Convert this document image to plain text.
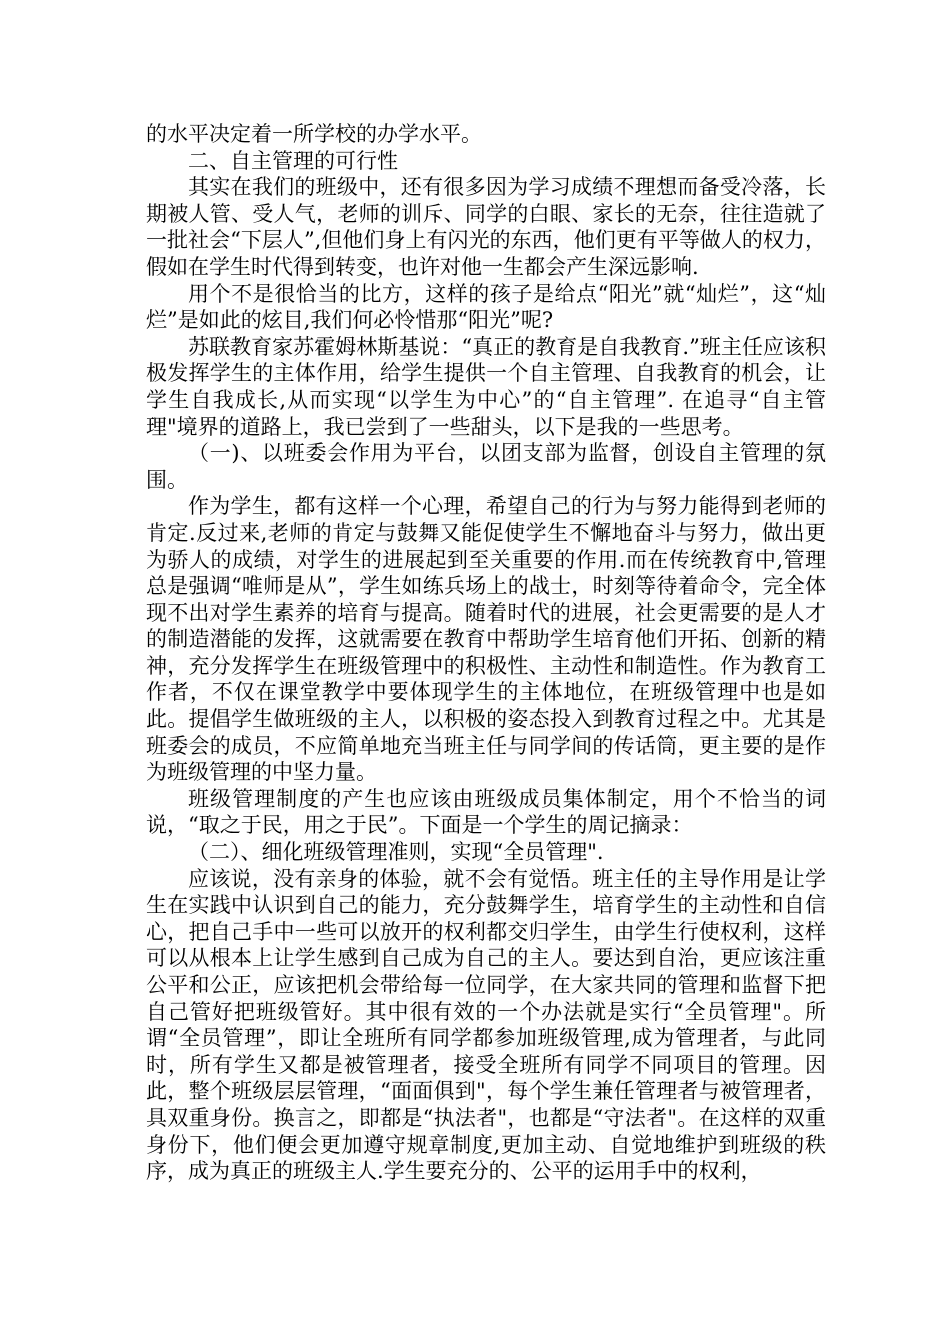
的水平决定着一所学校的办学水平。

二、自主管理的可行性

其实在我们的班级中，还有很多因为学习成绩不理想而备受冷落，长期被人管、受人气，老师的训斥、同学的白眼、家长的无奈，往往造就了一批社会“下层人”,但他们身上有闪光的东西，他们更有平等做人的权力，假如在学生时代得到转变，也许对他一生都会产生深远影响.

用个不是很恰当的比方，这样的孩子是给点“阳光”就“灿烂”，这“灿烂”是如此的炫目,我们何必怜惜那“阳光”呢?

苏联教育家苏霍姆林斯基说：“真正的教育是自我教育.”班主任应该积极发挥学生的主体作用，给学生提供一个自主管理、自我教育的机会，让学生自我成长,从而实现“以学生为中心”的“自主管理”. 在追寻“自主管理"境界的道路上，我已尝到了一些甜头，以下是我的一些思考。

（一)、以班委会作用为平台，以团支部为监督，创设自主管理的氛围。

作为学生，都有这样一个心理，希望自己的行为与努力能得到老师的肯定.反过来,老师的肯定与鼓舞又能促使学生不懈地奋斗与努力，做出更为骄人的成绩，对学生的进展起到至关重要的作用.而在传统教育中,管理总是强调“唯师是从”，学生如练兵场上的战士，时刻等待着命令，完全体现不出对学生素养的培育与提高。随着时代的进展，社会更需要的是人才的制造潜能的发挥，这就需要在教育中帮助学生培育他们开拓、创新的精神，充分发挥学生在班级管理中的积极性、主动性和制造性。作为教育工作者，不仅在课堂教学中要体现学生的主体地位，在班级管理中也是如此。提倡学生做班级的主人，以积极的姿态投入到教育过程之中。尤其是班委会的成员，不应简单地充当班主任与同学间的传话筒，更主要的是作为班级管理的中坚力量。

班级管理制度的产生也应该由班级成员集体制定，用个不恰当的词说，“取之于民，用之于民”。下面是一个学生的周记摘录：

（二）、细化班级管理准则，实现“全员管理".

应该说，没有亲身的体验，就不会有觉悟。班主任的主导作用是让学生在实践中认识到自己的能力，充分鼓舞学生，培育学生的主动性和自信心，把自己手中一些可以放开的权利都交归学生，由学生行使权利，这样可以从根本上让学生感到自己成为自己的主人。要达到自治，更应该注重公平和公正，应该把机会带给每一位同学，在大家共同的管理和监督下把自己管好把班级管好。其中很有效的一个办法就是实行“全员管理"。所谓“全员管理”，即让全班所有同学都参加班级管理,成为管理者，与此同时，所有学生又都是被管理者，接受全班所有同学不同项目的管理。因此，整个班级层层管理，“面面俱到"，每个学生兼任管理者与被管理者，具双重身份。换言之，即都是“执法者"，也都是“守法者"。在这样的双重身份下，他们便会更加遵守规章制度,更加主动、自觉地维护到班级的秩序，成为真正的班级主人.学生要充分的、公平的运用手中的权利，
